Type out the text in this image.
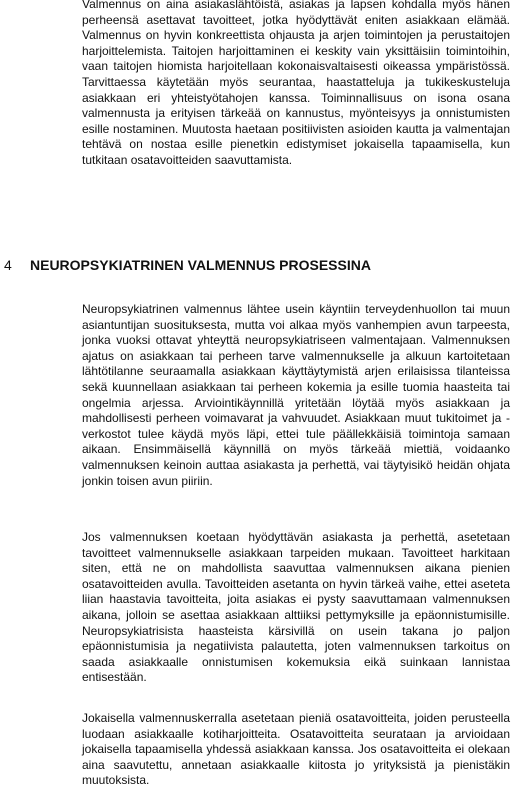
Valmennus on aina asiakaslähtöistä, asiakas ja lapsen kohdalla myös hänen perheensä asettavat tavoitteet, jotka hyödyttävät eniten asiakkaan elämää. Valmennus on hyvin konkreettista ohjausta ja arjen toimintojen ja perustaitojen harjoittelemista. Taitojen harjoittaminen ei keskity vain yksittäisiin toimintoihin, vaan taitojen hiomista harjoitellaan kokonaisvaltaisesti oikeassa ympäristössä. Tarvittaessa käytetään myös seurantaa, haastatteluja ja tukikeskusteluja asiakkaan eri yhteistyötahojen kanssa. Toiminnallisuus on isona osana valmennusta ja erityisen tärkeää on kannustus, myönteisyys ja onnistumisten esille nostaminen. Muutosta haetaan positiivisten asioiden kautta ja valmentajan tehtävä on nostaa esille pienetkin edistymiset jokaisella tapaamisella, kun tutkitaan osatavoitteiden saavuttamista.

4 NEUROPSYKIATRINEN VALMENNUS PROSESSINA

Neuropsykiatrinen valmennus lähtee usein käyntiin terveydenhuollon tai muun asiantuntijan suosituksesta, mutta voi alkaa myös vanhempien avun tarpeesta, jonka vuoksi ottavat yhteyttä neuropsykiatriseen valmentajaan. Valmennuksen ajatus on asiakkaan tai perheen tarve valmennukselle ja alkuun kartoitetaan lähtötilanne seuraamalla asiakkaan käyttäytymistä arjen erilaisissa tilanteissa sekä kuunnellaan asiakkaan tai perheen kokemia ja esille tuomia haasteita tai ongelmia arjessa. Arviointikäynnillä yritetään löytää myös asiakkaan ja mahdollisesti perheen voimavarat ja vahvuudet. Asiakkaan muut tukitoimet ja -verkostot tulee käydä myös läpi, ettei tule päällekkäisiä toimintoja samaan aikaan. Ensimmäisellä käynnillä on myös tärkeää miettiä, voidaanko valmennuksen keinoin auttaa asiakasta ja perhettä, vai täytyisikö heidän ohjata jonkin toisen avun piiriin.

Jos valmennuksen koetaan hyödyttävän asiakasta ja perhettä, asetetaan tavoitteet valmennukselle asiakkaan tarpeiden mukaan. Tavoitteet harkitaan siten, että ne on mahdollista saavuttaa valmennuksen aikana pienien osatavoitteiden avulla. Tavoitteiden asetanta on hyvin tärkeä vaihe, ettei aseteta liian haastavia tavoitteita, joita asiakas ei pysty saavuttamaan valmennuksen aikana, jolloin se asettaa asiakkaan alttiiksi pettymyksille ja epäonnistumisille. Neuropsykiatrisista haasteista kärsivillä on usein takana jo paljon epäonnistumisia ja negatiivista palautetta, joten valmennuksen tarkoitus on saada asiakkaalle onnistumisen kokemuksia eikä suinkaan lannistaa entisestään.

Jokaisella valmennuskerralla asetetaan pieniä osatavoitteita, joiden perusteella luodaan asiakkaalle kotiharjoitteita. Osatavoitteita seurataan ja arvioidaan jokaisella tapaamisella yhdessä asiakkaan kanssa. Jos osatavoitteita ei olekaan aina saavutettu, annetaan asiakkaalle kiitosta jo yrityksistä ja pienistäkin muutoksista.
